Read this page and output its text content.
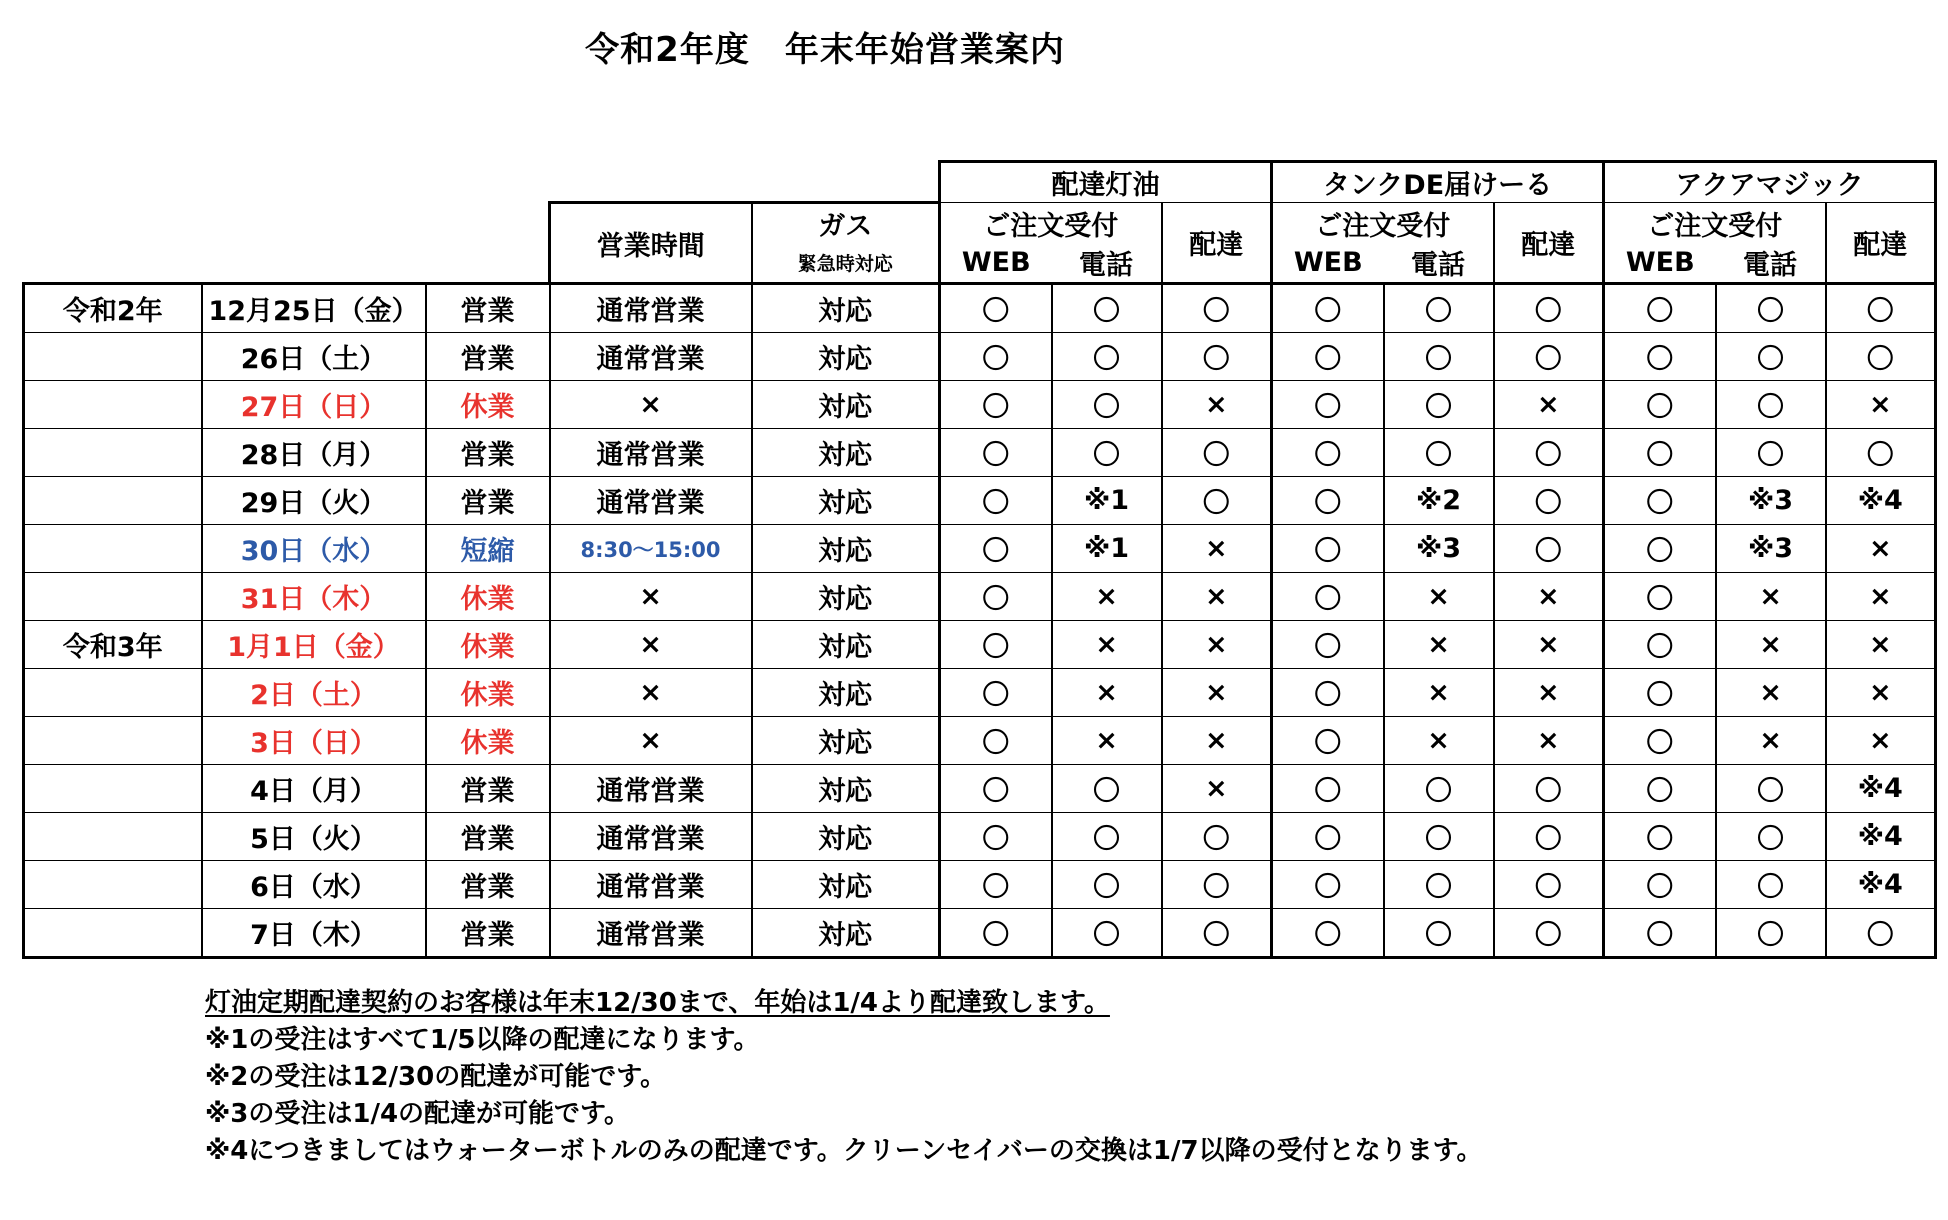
令和2年度　年末年始営業案内
					配達灯油			タンクDE届けーる			アクアマジック		
			営業時間	ガス	ご注文受付		配達	ご注文受付		配達	ご注文受付		配達
				緊急時対応	WEB	電話		WEB	電話		WEB	電話	
令和2年	12月25日（金）	営業	通常営業	対応	〇	〇	〇	〇	〇	〇	〇	〇	〇
	26日（土）	営業	通常営業	対応	〇	〇	〇	〇	〇	〇	〇	〇	〇
	27日（日）	休業	×	対応	〇	〇	×	〇	〇	×	〇	〇	×
	28日（月）	営業	通常営業	対応	〇	〇	〇	〇	〇	〇	〇	〇	〇
	29日（火）	営業	通常営業	対応	〇	※1	〇	〇	※2	〇	〇	※3	※4
	30日（水）	短縮	8:30～15:00	対応	〇	※1	×	〇	※3	〇	〇	※3	×
	31日（木）	休業	×	対応	〇	×	×	〇	×	×	〇	×	×
令和3年	1月1日（金）	休業	×	対応	〇	×	×	〇	×	×	〇	×	×
	2日（土）	休業	×	対応	〇	×	×	〇	×	×	〇	×	×
	3日（日）	休業	×	対応	〇	×	×	〇	×	×	〇	×	×
	4日（月）	営業	通常営業	対応	〇	〇	×	〇	〇	〇	〇	〇	※4
	5日（火）	営業	通常営業	対応	〇	〇	〇	〇	〇	〇	〇	〇	※4
	6日（水）	営業	通常営業	対応	〇	〇	〇	〇	〇	〇	〇	〇	※4
	7日（木）	営業	通常営業	対応	〇	〇	〇	〇	〇	〇	〇	〇	〇
灯油定期配達契約のお客様は年末12/30まで、年始は1/4より配達致します。
※1の受注はすべて1/5以降の配達になります。
※2の受注は12/30の配達が可能です。
※3の受注は1/4の配達が可能です。
※4につきましてはウォーターボトルのみの配達です。クリーンセイバーの交換は1/7以降の受付となります。
